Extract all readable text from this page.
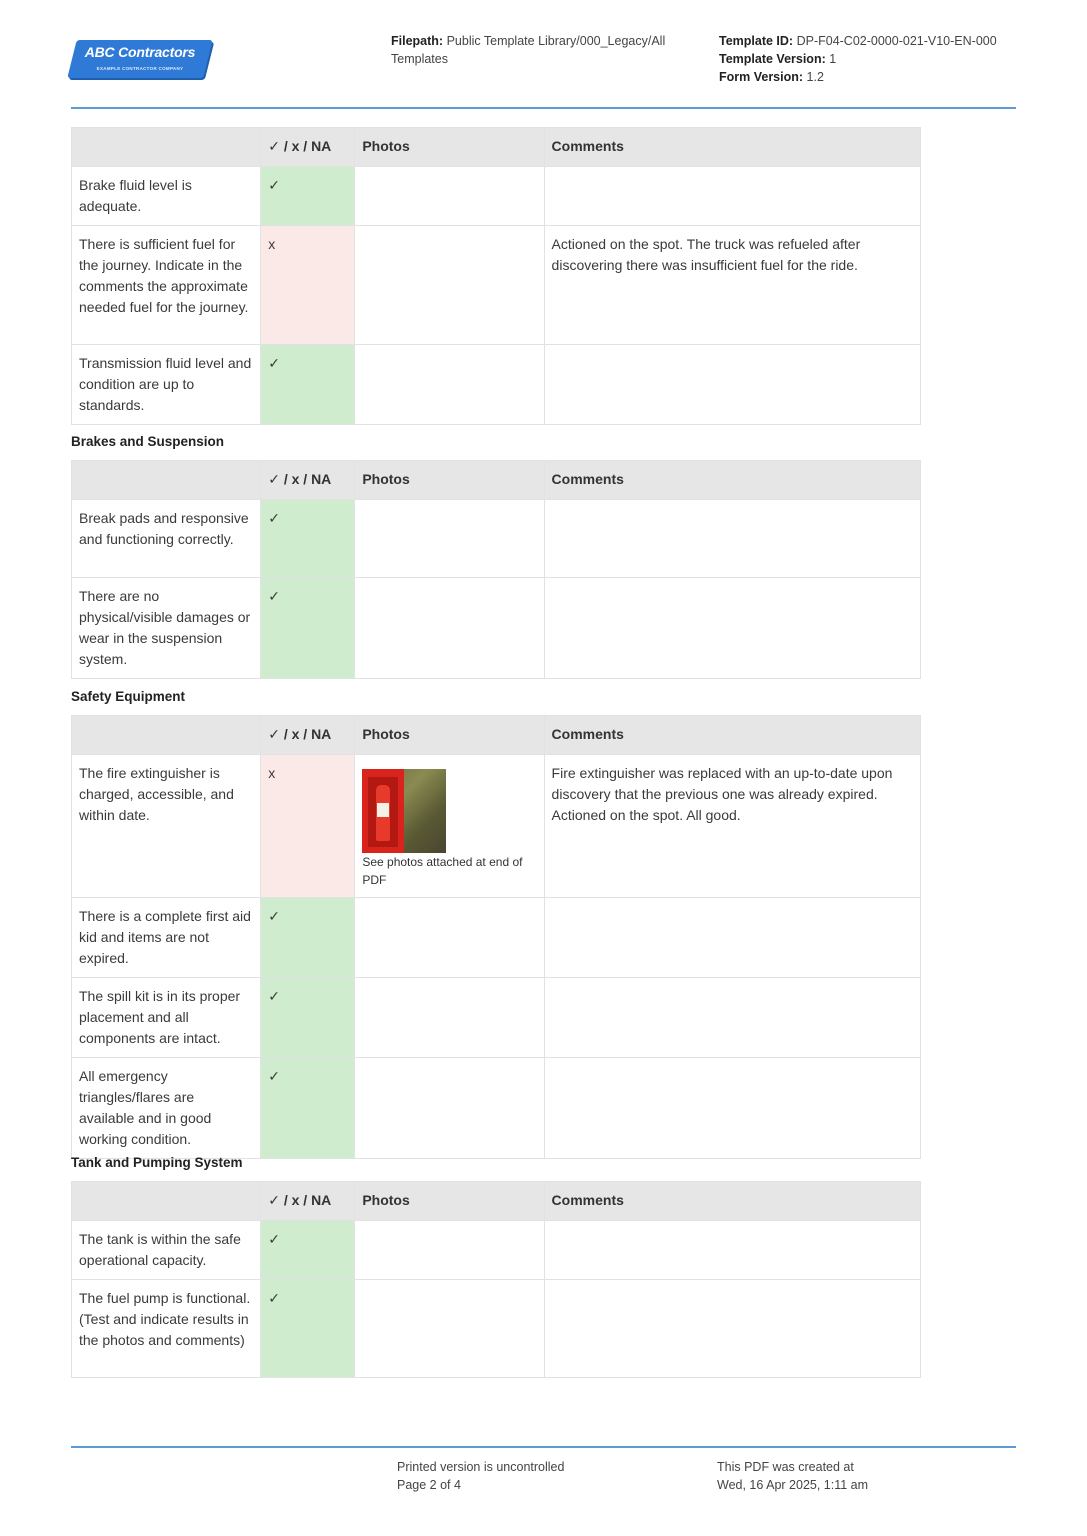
ABC Contractors
EXAMPLE CONTRACTOR COMPANY
Filepath: Public Template Library/000_Legacy/All Templates
Template ID: DP-F04-C02-0000-021-V10-EN-000
Template Version: 1
Form Version: 1.2
	✓ / x / NA	Photos	Comments
Brake fluid level is adequate.	✓		
There is sufficient fuel for the journey. Indicate in the comments the approximate needed fuel for the journey.	x		Actioned on the spot. The truck was refueled after discovering there was insufficient fuel for the ride.
Transmission fluid level and condition are up to standards.	✓		
Brakes and Suspension
	✓ / x / NA	Photos	Comments
Break pads and responsive and functioning correctly.	✓		
There are no physical/visible damages or wear in the suspension system.	✓		
Safety Equipment
	✓ / x / NA	Photos	Comments
The fire extinguisher is charged, accessible, and within date.	x	See photos attached at end of PDF	Fire extinguisher was replaced with an up-to-date upon discovery that the previous one was already expired. Actioned on the spot. All good.
There is a complete first aid kid and items are not expired.	✓		
The spill kit is in its proper placement and all components are intact.	✓		
All emergency triangles/flares are available and in good working condition.	✓		
Tank and Pumping System
	✓ / x / NA	Photos	Comments
The tank is within the safe operational capacity.	✓		
The fuel pump is functional. (Test and indicate results in the photos and comments)	✓		
Printed version is uncontrolled
Page 2 of 4
This PDF was created at
Wed, 16 Apr 2025, 1:11 am
